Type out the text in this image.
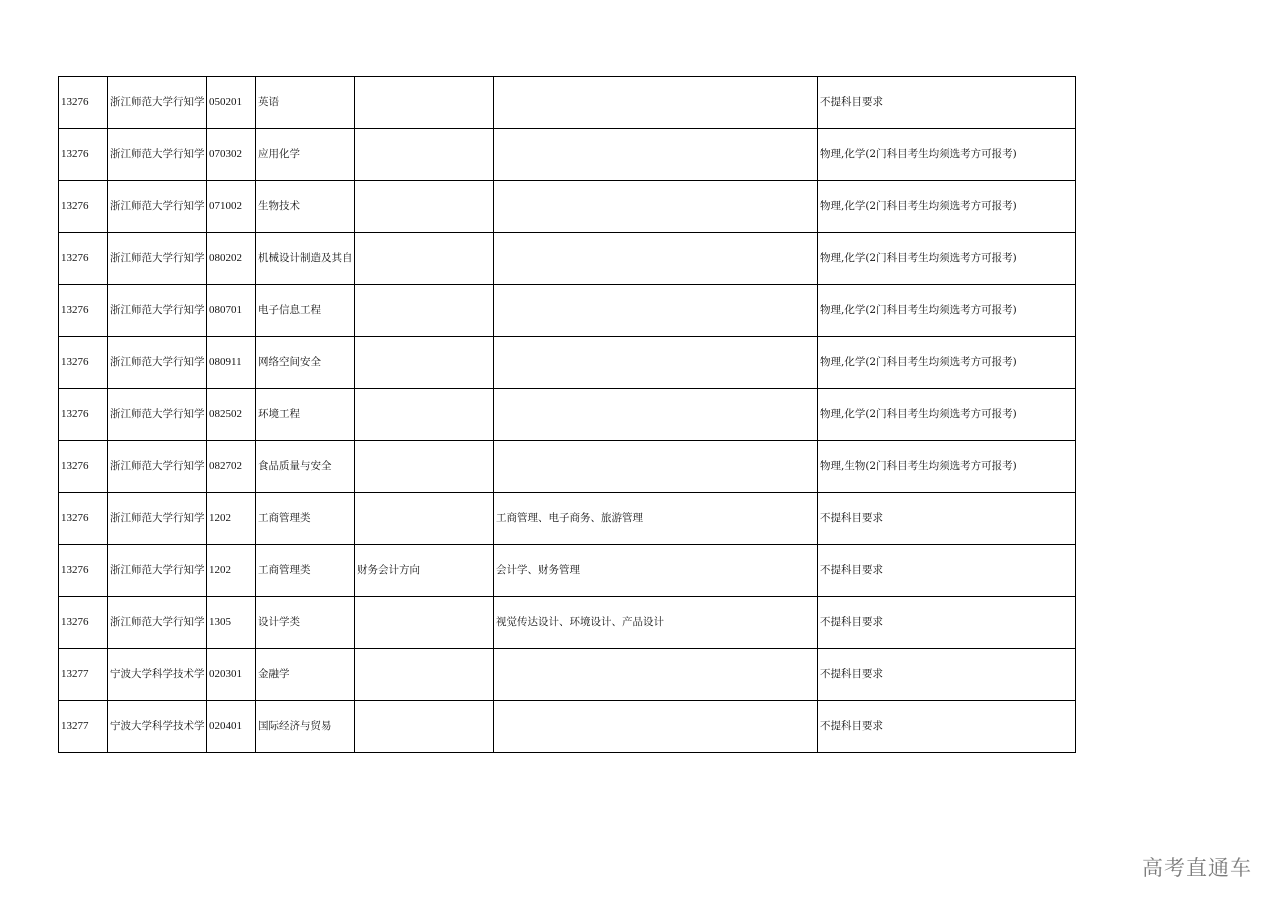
13276	浙江师范大学行知学	050201	英语			不提科目要求
13276	浙江师范大学行知学	070302	应用化学			物理,化学(2门科目考生均须选考方可报考)
13276	浙江师范大学行知学	071002	生物技术			物理,化学(2门科目考生均须选考方可报考)
13276	浙江师范大学行知学	080202	机械设计制造及其自			物理,化学(2门科目考生均须选考方可报考)
13276	浙江师范大学行知学	080701	电子信息工程			物理,化学(2门科目考生均须选考方可报考)
13276	浙江师范大学行知学	080911	网络空间安全			物理,化学(2门科目考生均须选考方可报考)
13276	浙江师范大学行知学	082502	环境工程			物理,化学(2门科目考生均须选考方可报考)
13276	浙江师范大学行知学	082702	食品质量与安全			物理,生物(2门科目考生均须选考方可报考)
13276	浙江师范大学行知学	1202	工商管理类		工商管理、电子商务、旅游管理	不提科目要求
13276	浙江师范大学行知学	1202	工商管理类	财务会计方向	会计学、财务管理	不提科目要求
13276	浙江师范大学行知学	1305	设计学类		视觉传达设计、环境设计、产品设计	不提科目要求
13277	宁波大学科学技术学	020301	金融学			不提科目要求
13277	宁波大学科学技术学	020401	国际经济与贸易			不提科目要求
高考直通车
